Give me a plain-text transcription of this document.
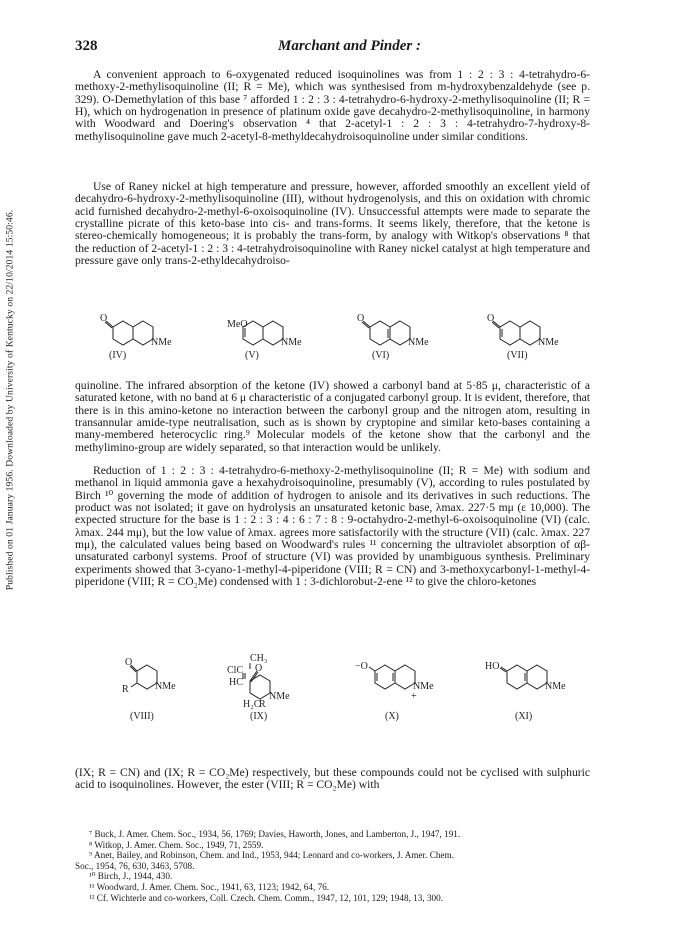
Published on 01 January 1956. Downloaded by University of Kentucky on 22/10/2014 15:50:46.
328	Marchant and Pinder :

A convenient approach to 6-oxygenated reduced isoquinolines was from 1 : 2 : 3 : 4-tetrahydro-6-methoxy-2-methylisoquinoline (II; R = Me), which was synthesised from m-hydroxybenzaldehyde (see p. 329). O-Demethylation of this base ⁷ afforded 1 : 2 : 3 : 4-tetrahydro-6-hydroxy-2-methylisoquinoline (II; R = H), which on hydrogenation in presence of platinum oxide gave decahydro-2-methylisoquinoline, in harmony with Woodward and Doering's observation ⁴ that 2-acetyl-1 : 2 : 3 : 4-tetrahydro-7-hydroxy-8-methylisoquinoline gave much 2-acetyl-8-methyldecahydroisoquinoline under similar conditions.

Use of Raney nickel at high temperature and pressure, however, afforded smoothly an excellent yield of decahydro-6-hydroxy-2-methylisoquinoline (III), without hydrogenolysis, and this on oxidation with chromic acid furnished decahydro-2-methyl-6-oxoisoquinoline (IV). Unsuccessful attempts were made to separate the crystalline picrate of this keto-base into cis- and trans-forms. It seems likely, therefore, that the ketone is stereo-chemically homogeneous; it is probably the trans-form, by analogy with Witkop's observations ⁸ that the reduction of 2-acetyl-1 : 2 : 3 : 4-tetrahydroisoquinoline with Raney nickel catalyst at high temperature and pressure gave only trans-2-ethyldecahydroiso-

O
NMe
MeO
NMe
O
NMe
O
NMe
(IV)	(V)	(VI)	(VII)

quinoline. The infrared absorption of the ketone (IV) showed a carbonyl band at 5·85 μ, characteristic of a saturated ketone, with no band at 6 μ characteristic of a conjugated carbonyl group. It is evident, therefore, that there is in this amino-ketone no interaction between the carbonyl group and the nitrogen atom, resulting in transannular amide-type neutralisation, such as is shown by cryptopine and similar keto-bases containing a many-membered heterocyclic ring.⁹ Molecular models of the ketone show that the carbonyl and the methylimino-group are widely separated, so that interaction would be unlikely.

Reduction of 1 : 2 : 3 : 4-tetrahydro-6-methoxy-2-methylisoquinoline (II; R = Me) with sodium and methanol in liquid ammonia gave a hexahydroisoquinoline, presumably (V), according to rules postulated by Birch ¹⁰ governing the mode of addition of hydrogen to anisole and its derivatives in such reductions. The product was not isolated; it gave on hydrolysis an unsaturated ketonic base, λmax. 227·5 mμ (ε 10,000). The expected structure for the base is 1 : 2 : 3 : 4 : 6 : 7 : 8 : 9-octahydro-2-methyl-6-oxoisoquinoline (VI) (calc. λmax. 244 mμ), but the low value of λmax. agrees more satisfactorily with the structure (VII) (calc. λmax. 227 mμ), the calculated values being based on Woodward's rules ¹¹ concerning the ultraviolet absorption of αβ-unsaturated carbonyl systems. Proof of structure (VI) was provided by unambiguous synthesis. Preliminary experiments showed that 3-cyano-1-methyl-4-piperidone (VIII; R = CN) and 3-methoxycarbonyl-1-methyl-4-piperidone (VIII; R = CO₂Me) condensed with 1 : 3-dichlorobut-2-ene ¹² to give the chloro-ketones

O
R	NMe
CH₃
ClC
HC
O
NMe
H₂C
R
−O
NMe
+
HO
NMe
(VIII)	(IX)	(X)	(XI)

(IX; R = CN) and (IX; R = CO₂Me) respectively, but these compounds could not be cyclised with sulphuric acid to isoquinolines. However, the ester (VIII; R = CO₂Me) with

⁷ Buck, J. Amer. Chem. Soc., 1934, 56, 1769; Davies, Haworth, Jones, and Lamberton, J., 1947, 191.

⁸ Witkop, J. Amer. Chem. Soc., 1949, 71, 2559.

⁹ Anet, Bailey, and Robinson, Chem. and Ind., 1953, 944; Leonard and co-workers, J. Amer. Chem.

Soc., 1954, 76, 630, 3463, 5708.

¹⁰ Birch, J., 1944, 430.

¹¹ Woodward, J. Amer. Chem. Soc., 1941, 63, 1123; 1942, 64, 76.

¹² Cf. Wichterle and co-workers, Coll. Czech. Chem. Comm., 1947, 12, 101, 129; 1948, 13, 300.
